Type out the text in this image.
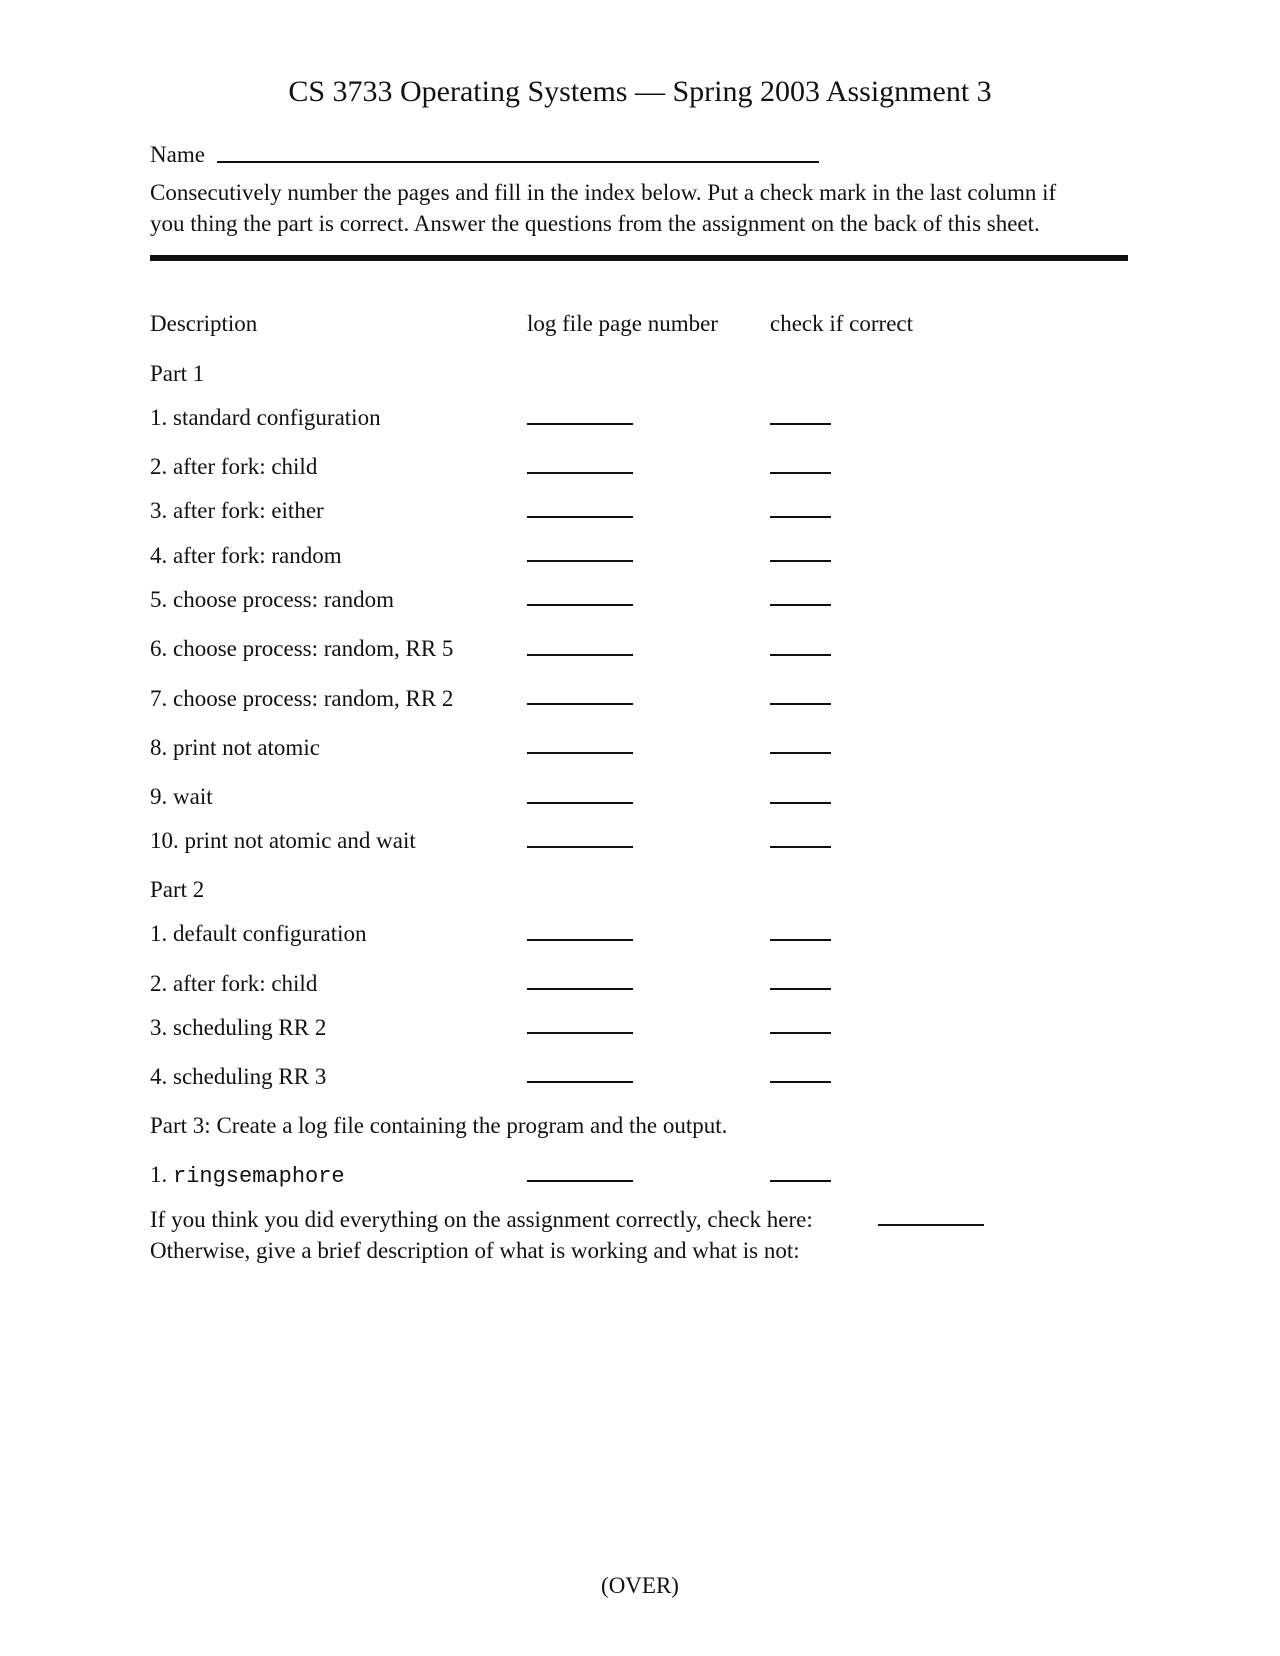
CS 3733 Operating Systems — Spring 2003 Assignment 3
Name
Consecutively number the pages and fill in the index below. Put a check mark in the last column if
you thing the part is correct. Answer the questions from the assignment on the back of this sheet.
Description	log file page number check if correct
Part 1
1. standard configuration
2. after fork: child
3. after fork: either
4. after fork: random
5. choose process: random
6. choose process: random, RR 5
7. choose process: random, RR 2
8. print not atomic
9. wait
10. print not atomic and wait
Part 2
1. default configuration
2. after fork: child
3. scheduling RR 2
4. scheduling RR 3
Part 3: Create a log file containing the program and the output.
1. ringsemaphore
If you think you did everything on the assignment correctly, check here:
Otherwise, give a brief description of what is working and what is not:
(OVER)
